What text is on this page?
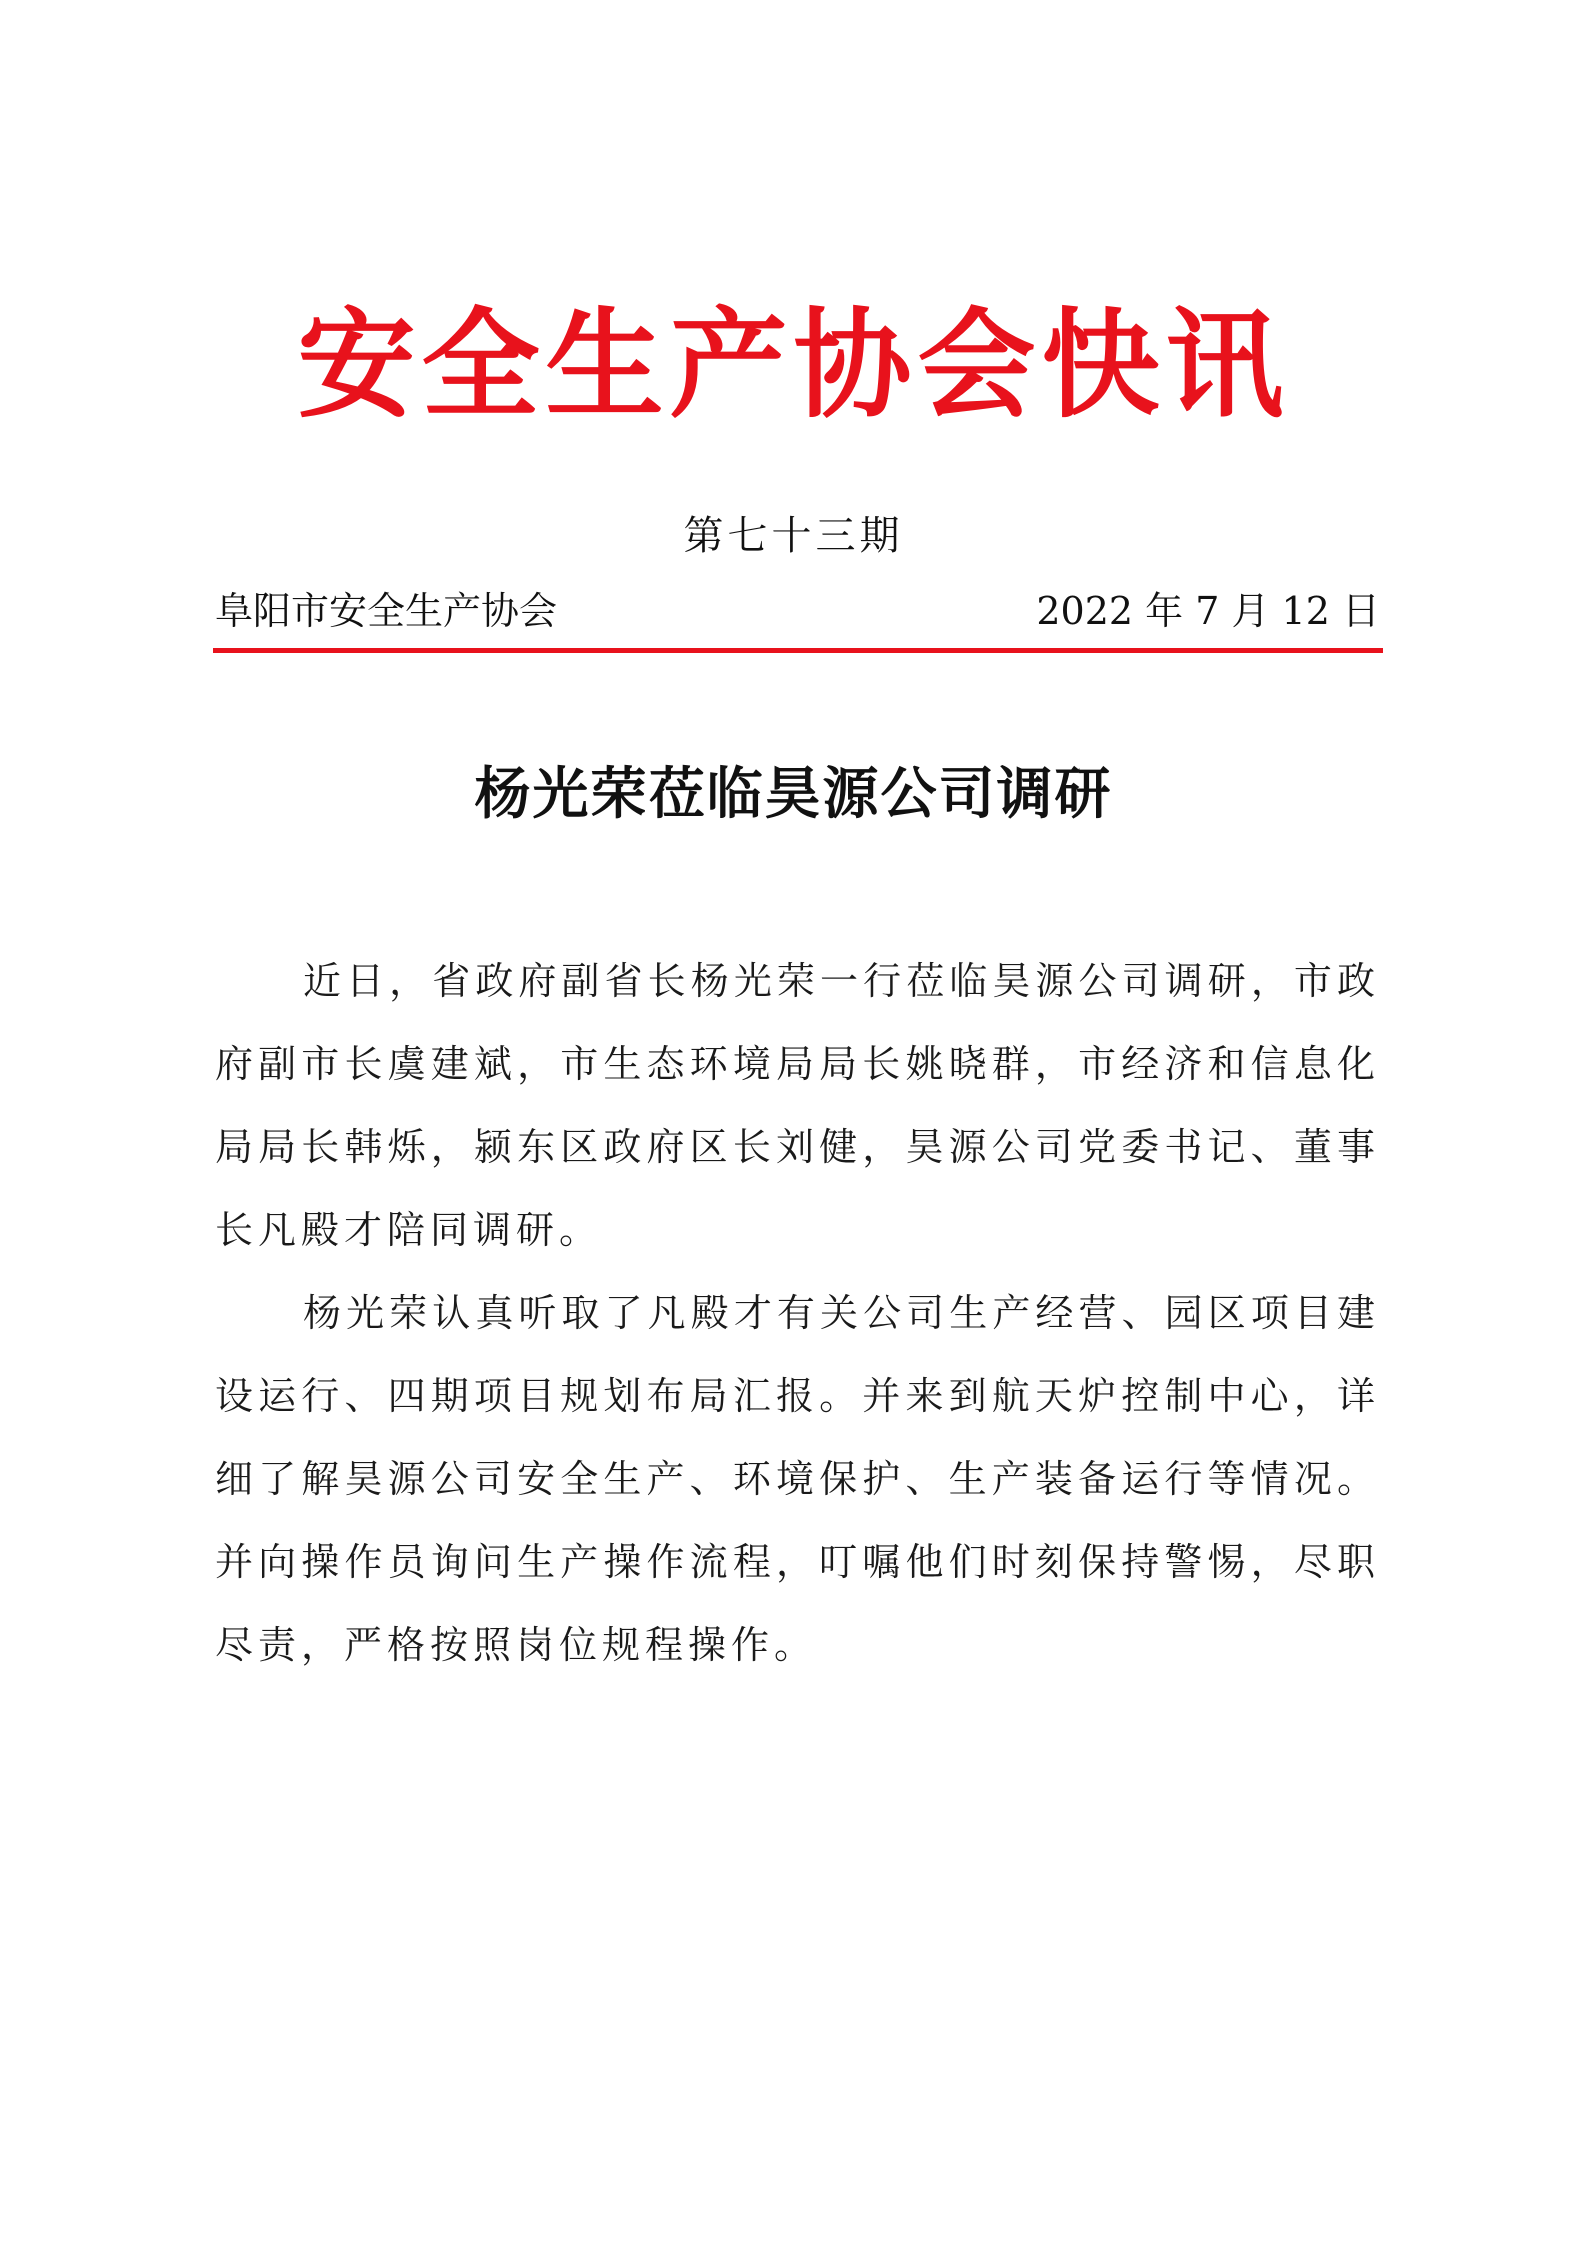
安全生产协会快讯
第七十三期
阜阳市安全生产协会	2022 年 7 月 12 日
杨光荣莅临昊源公司调研

近日，省政府副省长杨光荣一行莅临昊源公司调研，市政府副市长虞建斌，市生态环境局局长姚晓群，市经济和信息化局局长韩烁，颍东区政府区长刘健，昊源公司党委书记、董事长凡殿才陪同调研。

杨光荣认真听取了凡殿才有关公司生产经营、园区项目建设运行、四期项目规划布局汇报。并来到航天炉控制中心，详细了解昊源公司安全生产、环境保护、生产装备运行等情况。并向操作员询问生产操作流程，叮嘱他们时刻保持警惕，尽职尽责，严格按照岗位规程操作。
